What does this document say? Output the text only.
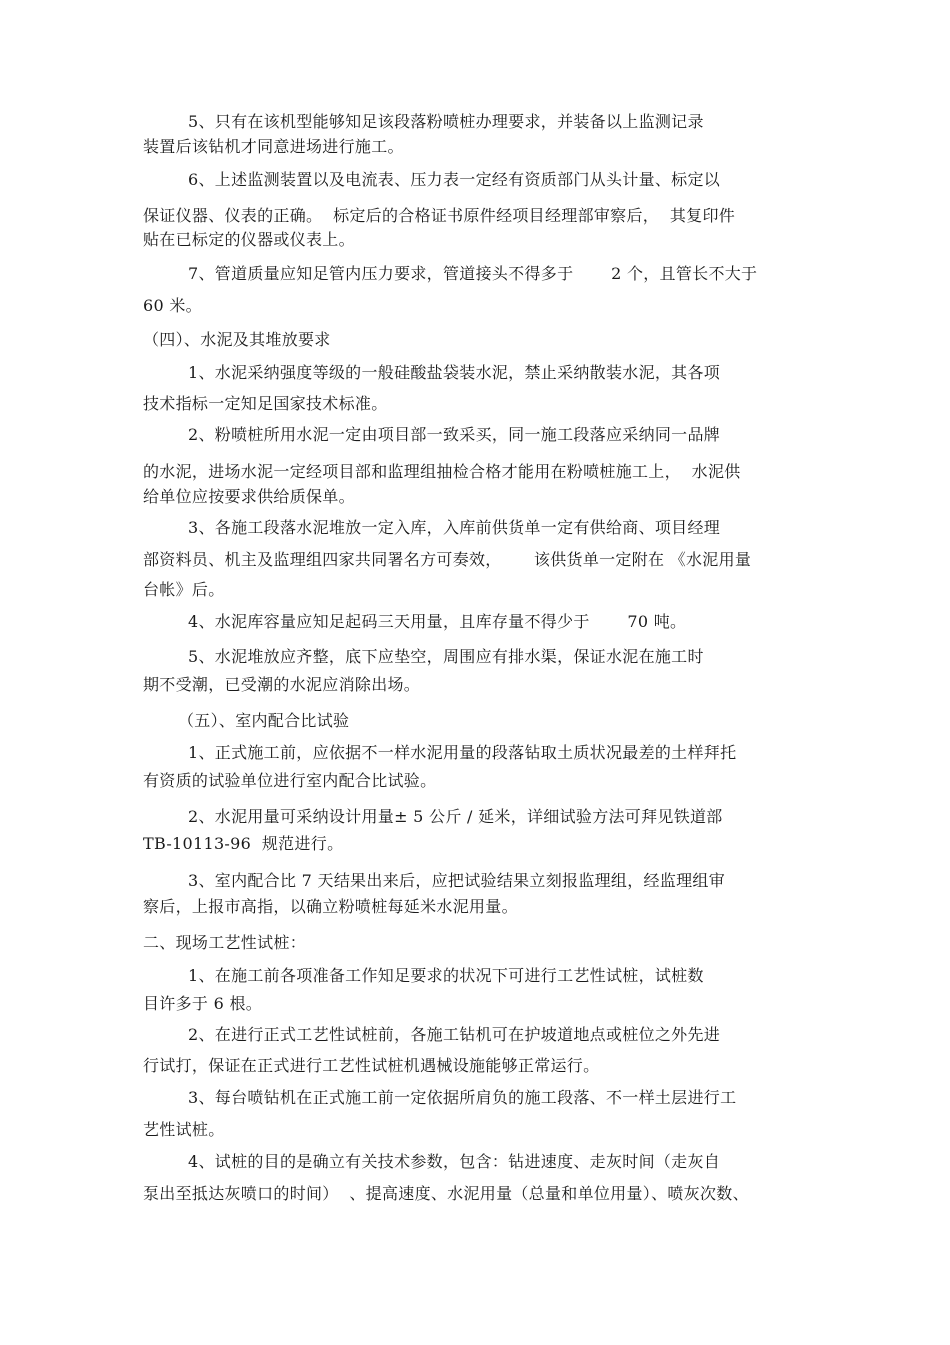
5、只有在该机型能够知足该段落粉喷桩办理要求，并装备以上监测记录
装置后该钻机才同意进场进行施工。
6、上述监测装置以及电流表、压力表一定经有资质部门从头计量、标定以
保证仪器、仪表的正确。  标定后的合格证书原件经项目经理部审察后，  其复印件
贴在已标定的仪器或仪表上。
7、管道质量应知足管内压力要求，管道接头不得多于       2 个，且管长不大于
60 米。
（四）、水泥及其堆放要求
1、水泥采纳强度等级的一般硅酸盐袋装水泥，禁止采纳散装水泥，其各项
技术指标一定知足国家技术标准。
2、粉喷桩所用水泥一定由项目部一致采买，同一施工段落应采纳同一品牌
的水泥，进场水泥一定经项目部和监理组抽检合格才能用在粉喷桩施工上，  水泥供
给单位应按要求供给质保单。
3、各施工段落水泥堆放一定入库，入库前供货单一定有供给商、项目经理
部资料员、机主及监理组四家共同署名方可奏效，      该供货单一定附在 《水泥用量
台帐》后。
4、水泥库容量应知足起码三天用量，且库存量不得少于       70 吨。
5、水泥堆放应齐整，底下应垫空，周围应有排水渠，保证水泥在施工时
期不受潮，已受潮的水泥应消除出场。
（五）、室内配合比试验
1、正式施工前，应依据不一样水泥用量的段落钻取土质状况最差的土样拜托
有资质的试验单位进行室内配合比试验。
2、水泥用量可采纳设计用量± 5 公斤 / 延米，详细试验方法可拜见铁道部
TB-10113-96  规范进行。
3、室内配合比 7 天结果出来后，应把试验结果立刻报监理组，经监理组审
察后，上报市高指，以确立粉喷桩每延米水泥用量。
二、现场工艺性试桩：
1、在施工前各项准备工作知足要求的状况下可进行工艺性试桩，试桩数
目许多于 6 根。
2、在进行正式工艺性试桩前，各施工钻机可在护坡道地点或桩位之外先进
行试打，保证在正式进行工艺性试桩机遇械设施能够正常运行。
3、每台喷钻机在正式施工前一定依据所肩负的施工段落、不一样土层进行工
艺性试桩。
4、试桩的目的是确立有关技术参数，包含：钻进速度、走灰时间（走灰自
泵出至抵达灰喷口的时间）  、提高速度、水泥用量（总量和单位用量）、喷灰次数、
